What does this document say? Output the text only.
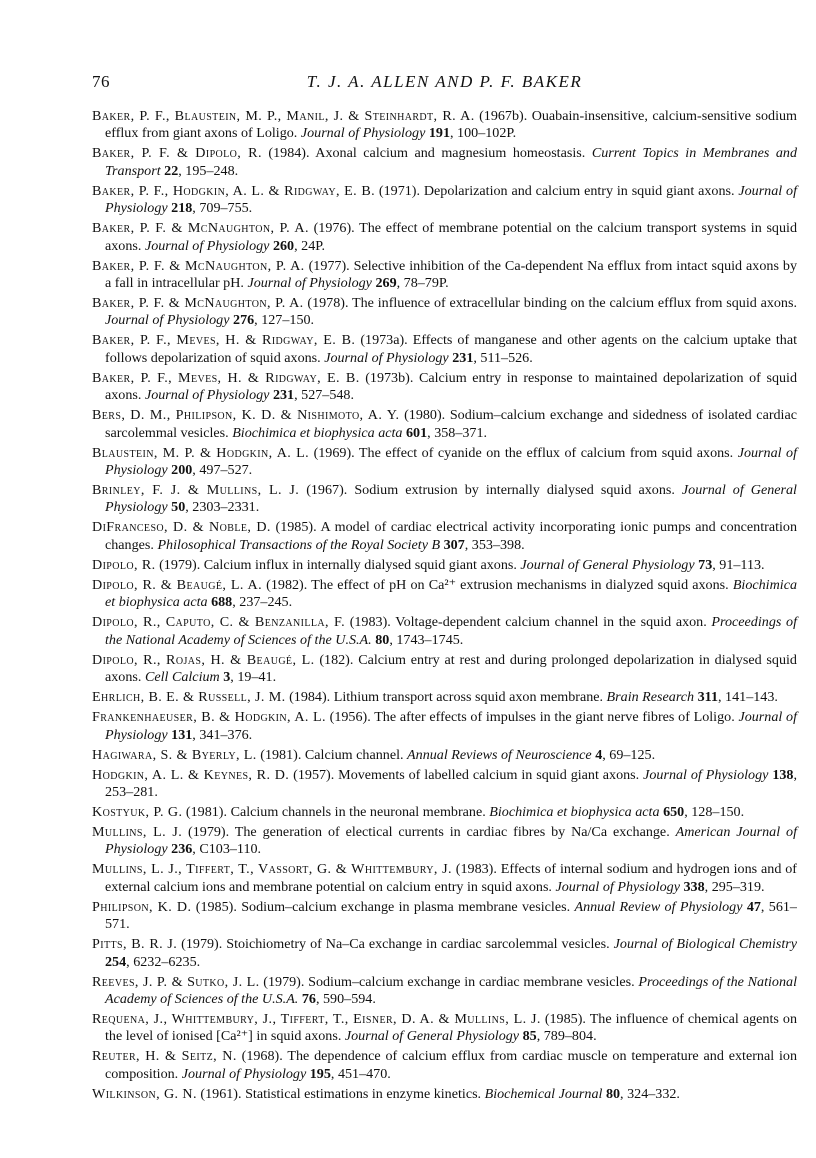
76	T. J. A. ALLEN AND P. F. BAKER

Baker, P. F., Blaustein, M. P., Manil, J. & Steinhardt, R. A. (1967b). Ouabain-insensitive, calcium-sensitive sodium efflux from giant axons of Loligo. Journal of Physiology 191, 100–102P.

Baker, P. F. & Dipolo, R. (1984). Axonal calcium and magnesium homeostasis. Current Topics in Membranes and Transport 22, 195–248.

Baker, P. F., Hodgkin, A. L. & Ridgway, E. B. (1971). Depolarization and calcium entry in squid giant axons. Journal of Physiology 218, 709–755.

Baker, P. F. & McNaughton, P. A. (1976). The effect of membrane potential on the calcium transport systems in squid axons. Journal of Physiology 260, 24P.

Baker, P. F. & McNaughton, P. A. (1977). Selective inhibition of the Ca-dependent Na efflux from intact squid axons by a fall in intracellular pH. Journal of Physiology 269, 78–79P.

Baker, P. F. & McNaughton, P. A. (1978). The influence of extracellular binding on the calcium efflux from squid axons. Journal of Physiology 276, 127–150.

Baker, P. F., Meves, H. & Ridgway, E. B. (1973a). Effects of manganese and other agents on the calcium uptake that follows depolarization of squid axons. Journal of Physiology 231, 511–526.

Baker, P. F., Meves, H. & Ridgway, E. B. (1973b). Calcium entry in response to maintained depolarization of squid axons. Journal of Physiology 231, 527–548.

Bers, D. M., Philipson, K. D. & Nishimoto, A. Y. (1980). Sodium–calcium exchange and sidedness of isolated cardiac sarcolemmal vesicles. Biochimica et biophysica acta 601, 358–371.

Blaustein, M. P. & Hodgkin, A. L. (1969). The effect of cyanide on the efflux of calcium from squid axons. Journal of Physiology 200, 497–527.

Brinley, F. J. & Mullins, L. J. (1967). Sodium extrusion by internally dialysed squid axons. Journal of General Physiology 50, 2303–2331.

DiFranceso, D. & Noble, D. (1985). A model of cardiac electrical activity incorporating ionic pumps and concentration changes. Philosophical Transactions of the Royal Society B 307, 353–398.

Dipolo, R. (1979). Calcium influx in internally dialysed squid giant axons. Journal of General Physiology 73, 91–113.

Dipolo, R. & Beaugé, L. A. (1982). The effect of pH on Ca²⁺ extrusion mechanisms in dialyzed squid axons. Biochimica et biophysica acta 688, 237–245.

Dipolo, R., Caputo, C. & Benzanilla, F. (1983). Voltage-dependent calcium channel in the squid axon. Proceedings of the National Academy of Sciences of the U.S.A. 80, 1743–1745.

Dipolo, R., Rojas, H. & Beaugé, L. (182). Calcium entry at rest and during prolonged depolarization in dialysed squid axons. Cell Calcium 3, 19–41.

Ehrlich, B. E. & Russell, J. M. (1984). Lithium transport across squid axon membrane. Brain Research 311, 141–143.

Frankenhaeuser, B. & Hodgkin, A. L. (1956). The after effects of impulses in the giant nerve fibres of Loligo. Journal of Physiology 131, 341–376.

Hagiwara, S. & Byerly, L. (1981). Calcium channel. Annual Reviews of Neuroscience 4, 69–125.

Hodgkin, A. L. & Keynes, R. D. (1957). Movements of labelled calcium in squid giant axons. Journal of Physiology 138, 253–281.

Kostyuk, P. G. (1981). Calcium channels in the neuronal membrane. Biochimica et biophysica acta 650, 128–150.

Mullins, L. J. (1979). The generation of electical currents in cardiac fibres by Na/Ca exchange. American Journal of Physiology 236, C103–110.

Mullins, L. J., Tiffert, T., Vassort, G. & Whittembury, J. (1983). Effects of internal sodium and hydrogen ions and of external calcium ions and membrane potential on calcium entry in squid axons. Journal of Physiology 338, 295–319.

Philipson, K. D. (1985). Sodium–calcium exchange in plasma membrane vesicles. Annual Review of Physiology 47, 561–571.

Pitts, B. R. J. (1979). Stoichiometry of Na–Ca exchange in cardiac sarcolemmal vesicles. Journal of Biological Chemistry 254, 6232–6235.

Reeves, J. P. & Sutko, J. L. (1979). Sodium–calcium exchange in cardiac membrane vesicles. Proceedings of the National Academy of Sciences of the U.S.A. 76, 590–594.

Requena, J., Whittembury, J., Tiffert, T., Eisner, D. A. & Mullins, L. J. (1985). The influence of chemical agents on the level of ionised [Ca²⁺] in squid axons. Journal of General Physiology 85, 789–804.

Reuter, H. & Seitz, N. (1968). The dependence of calcium efflux from cardiac muscle on temperature and external ion composition. Journal of Physiology 195, 451–470.

Wilkinson, G. N. (1961). Statistical estimations in enzyme kinetics. Biochemical Journal 80, 324–332.
